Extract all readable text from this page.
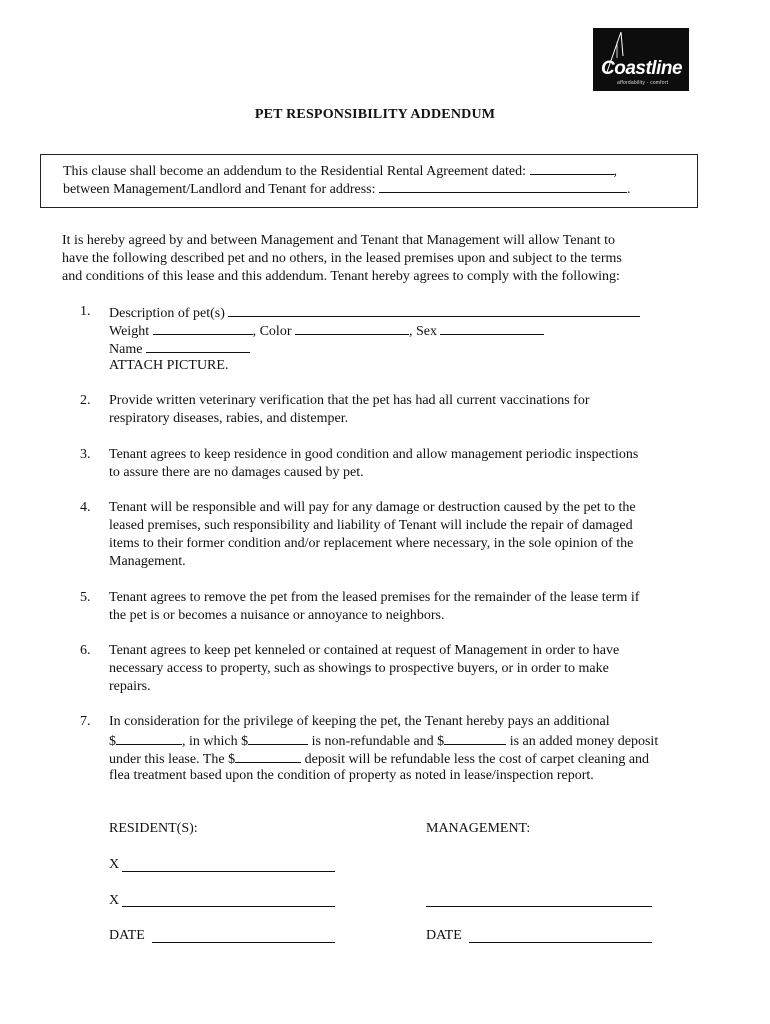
Coastline
affordability · comfort
PET RESPONSIBILITY ADDENDUM
This clause shall become an addendum to the Residential Rental Agreement dated:	,
between Management/Landlord and Tenant for address:	.
It is hereby agreed by and between Management and Tenant that Management will allow Tenant to
have the following described pet and no others, in the leased premises upon and subject to the terms
and conditions of this lease and this addendum. Tenant hereby agrees to comply with the following:
1. Description of pet(s)
Weight	, Color	, Sex
Name
ATTACH PICTURE.
2. Provide written veterinary verification that the pet has had all current vaccinations for
respiratory diseases, rabies, and distemper.
3. Tenant agrees to keep residence in good condition and allow management periodic inspections
to assure there are no damages caused by pet.
4. Tenant will be responsible and will pay for any damage or destruction caused by the pet to the
leased premises, such responsibility and liability of Tenant will include the repair of damaged
items to their former condition and/or replacement where necessary, in the sole opinion of the
Management.
5. Tenant agrees to remove the pet from the leased premises for the remainder of the lease term if
the pet is or becomes a nuisance or annoyance to neighbors.
6. Tenant agrees to keep pet kenneled or contained at request of Management in order to have
necessary access to property, such as showings to prospective buyers, or in order to make
repairs.
7. In consideration for the privilege of keeping the pet, the Tenant hereby pays an additional
$	, in which $	is non-refundable and $	is an added money deposit
under this lease. The $	deposit will be refundable less the cost of carpet cleaning and
flea treatment based upon the condition of property as noted in lease/inspection report.
RESIDENT(S):	MANAGEMENT:
X
X
DATE	DATE
